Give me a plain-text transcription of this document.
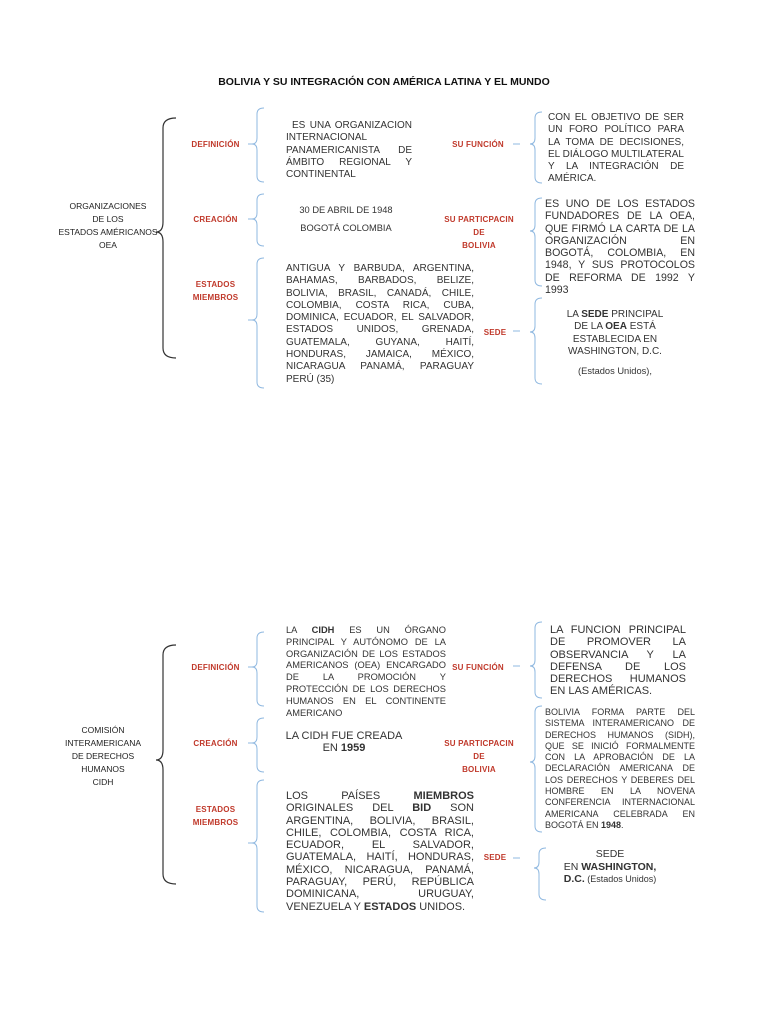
BOLIVIA Y SU INTEGRACIÓN CON AMÉRICA LATINA Y EL MUNDO
ORGANIZACIONES
DE LOS
ESTADOS AMÉRICANOS
OEA
DEFINICIÓN
CREACIÓN
ESTADOS
MIEMBROS
ES UNA ORGANIZACION INTERNACIONAL PANAMERICANISTA DE ÁMBITO REGIONAL Y CONTINENTAL
30 DE ABRIL DE 1948
BOGOTÁ COLOMBIA
ANTIGUA Y BARBUDA, ARGENTINA, BAHAMAS, BARBADOS, BELIZE, BOLIVIA, BRASIL, CANADÁ, CHILE, COLOMBIA, COSTA RICA, CUBA, DOMINICA, ECUADOR, EL SALVADOR, ESTADOS UNIDOS, GRENADA, GUATEMALA, GUYANA, HAITÍ, HONDURAS, JAMAICA, MÉXICO, NICARAGUA PANAMÁ, PARAGUAY PERÚ (35)
SU FUNCIÓN
SU PARTICPACIN
DE
BOLIVIA
SEDE
CON EL OBJETIVO DE SER UN FORO POLÍTICO PARA LA TOMA DE DECISIONES, EL DIÁLOGO MULTILATERAL Y LA INTEGRACIÓN DE AMÉRICA.
ES UNO DE LOS ESTADOS FUNDADORES DE LA OEA, QUE FIRMÓ LA CARTA DE LA ORGANIZACIÓN EN BOGOTÁ, COLOMBIA, EN 1948, Y SUS PROTOCOLOS DE REFORMA DE 1992 Y 1993
LA SEDE PRINCIPAL DE LA OEA ESTÁ ESTABLECIDA EN WASHINGTON, D.C.
(Estados Unidos),
COMISIÓN
INTERAMERICANA
DE DERECHOS
HUMANOS
CIDH
DEFINICIÓN
CREACIÓN
ESTADOS
MIEMBROS
LA CIDH ES UN ÓRGANO PRINCIPAL Y AUTÓNOMO DE LA ORGANIZACIÓN DE LOS ESTADOS AMERICANOS (OEA) ENCARGADO DE LA PROMOCIÓN Y PROTECCIÓN DE LOS DERECHOS HUMANOS EN EL CONTINENTE AMERICANO
LA CIDH FUE CREADA
EN 1959
LOS PAÍSES MIEMBROS ORIGINALES DEL BID SON ARGENTINA, BOLIVIA, BRASIL, CHILE, COLOMBIA, COSTA RICA, ECUADOR, EL SALVADOR, GUATEMALA, HAITÍ, HONDURAS, MÉXICO, NICARAGUA, PANAMÁ, PARAGUAY, PERÚ, REPÚBLICA DOMINICANA, URUGUAY, VENEZUELA Y ESTADOS UNIDOS.
SU FUNCIÓN
SU PARTICPACIN
DE
BOLIVIA
SEDE
LA FUNCION PRINCIPAL DE PROMOVER LA OBSERVANCIA Y LA DEFENSA DE LOS DERECHOS HUMANOS EN LAS AMÉRICAS.
BOLIVIA FORMA PARTE DEL SISTEMA INTERAMERICANO DE DERECHOS HUMANOS (SIDH), QUE SE INICIÓ FORMALMENTE CON LA APROBACIÓN DE LA DECLARACIÓN AMERICANA DE LOS DERECHOS Y DEBERES DEL HOMBRE EN LA NOVENA CONFERENCIA INTERNACIONAL AMERICANA CELEBRADA EN BOGOTÁ EN 1948.
SEDE
EN WASHINGTON,
D.C. (Estados Unidos)
